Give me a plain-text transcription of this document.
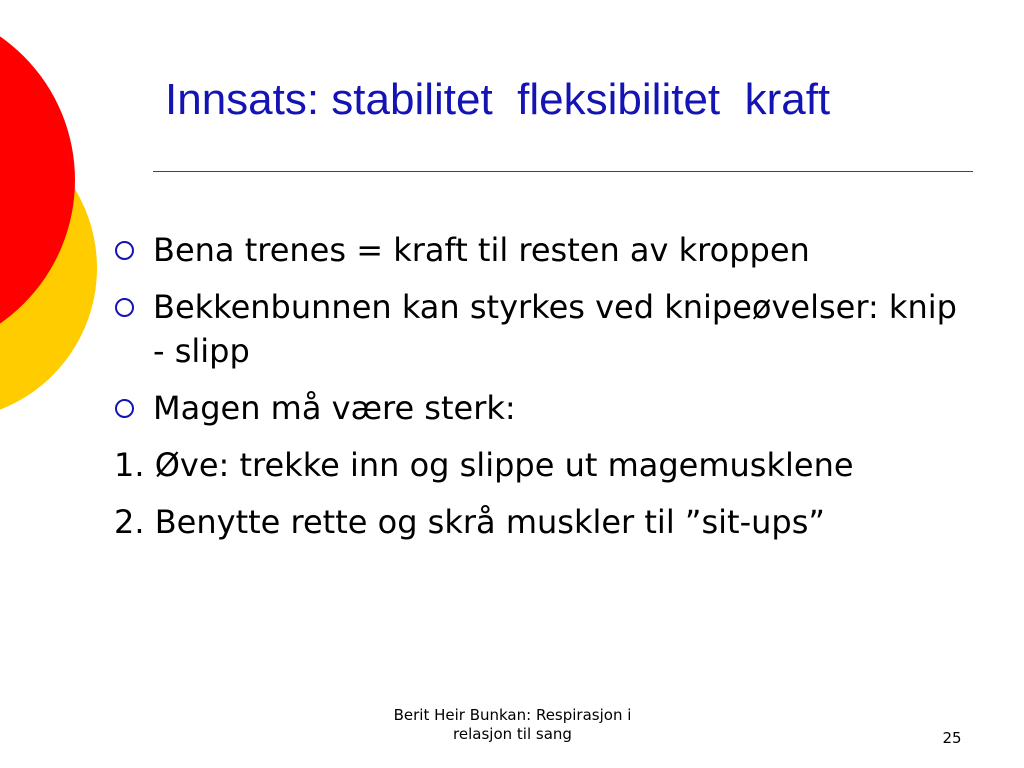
Innsats: stabilitet  fleksibilitet  kraft
Bena trenes = kraft til resten av kroppen
Bekkenbunnen kan styrkes ved knipeøvelser: knip - slipp
Magen må være sterk:
1. Øve: trekke inn og slippe ut magemusklene
2. Benytte rette og skrå muskler til ”sit-ups”
Berit Heir Bunkan: Respirasjon i
relasjon til sang	25
